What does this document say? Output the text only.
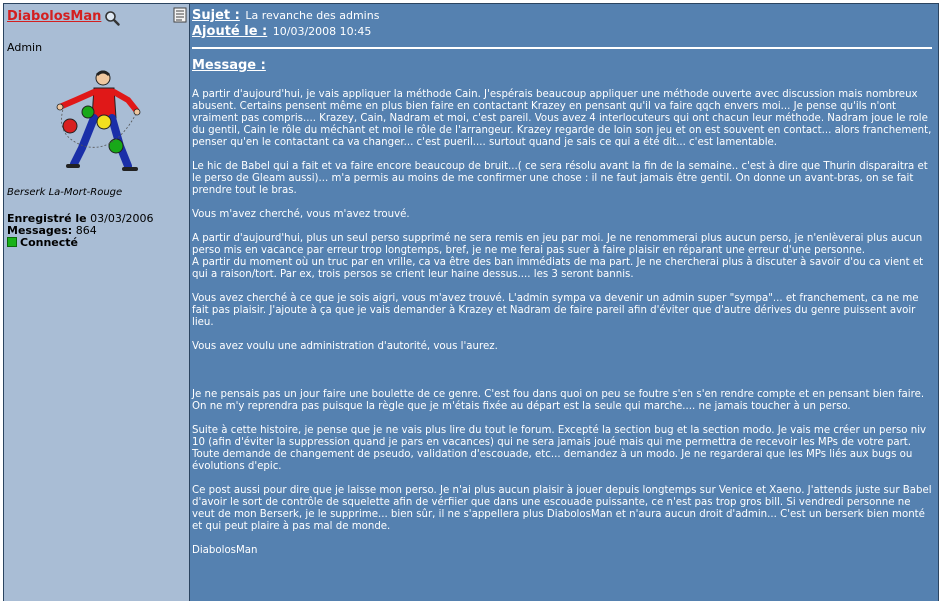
DiabolosMan
Admin
Berserk La-Mort-Rouge
Enregistré le 03/03/2006
Messages: 864
Connecté
Sujet : La revanche des admins
Ajouté le : 10/03/2008 10:45
Message :

A partir d'aujourd'hui, je vais appliquer la méthode Cain. J'espérais beaucoup appliquer une méthode ouverte avec discussion mais nombreux abusent. Certains pensent même en plus bien faire en contactant Krazey en pensant qu'il va faire qqch envers moi... Je pense qu'ils n'ont vraiment pas compris.... Krazey, Cain, Nadram et moi, c'est pareil. Vous avez 4 interlocuteurs qui ont chacun leur méthode. Nadram joue le role du gentil, Cain le rôle du méchant et moi le rôle de l'arrangeur. Krazey regarde de loin son jeu et on est souvent en contact... alors franchement, penser qu'en le contactant ca va changer... c'est pueril.... surtout quand je sais ce qui a été dit... c'est lamentable.

Le hic de Babel qui a fait et va faire encore beaucoup de bruit...( ce sera résolu avant la fin de la semaine.. c'est à dire que Thurin disparaitra et le perso de Gleam aussi)... m'a permis au moins de me confirmer une chose : il ne faut jamais être gentil. On donne un avant-bras, on se fait prendre tout le bras.

Vous m'avez cherché, vous m'avez trouvé.

A partir d'aujourd'hui, plus un seul perso supprimé ne sera remis en jeu par moi. Je ne renommerai plus aucun perso, je n'enlèverai plus aucun perso mis en vacance par erreur trop longtemps, bref, je ne me ferai pas suer à faire plaisir en réparant une erreur d'une personne.
A partir du moment où un truc par en vrille, ca va être des ban immédiats de ma part. Je ne chercherai plus à discuter à savoir d'ou ca vient et qui a raison/tort. Par ex, trois persos se crient leur haine dessus.... les 3 seront bannis.

Vous avez cherché à ce que je sois aigri, vous m'avez trouvé. L'admin sympa va devenir un admin super "sympa"... et franchement, ca ne me fait pas plaisir. J'ajoute à ça que je vais demander à Krazey et Nadram de faire pareil afin d'éviter que d'autre dérives du genre puissent avoir lieu.

Vous avez voulu une administration d'autorité, vous l'aurez.

Je ne pensais pas un jour faire une boulette de ce genre. C'est fou dans quoi on peu se foutre s'en s'en rendre compte et en pensant bien faire. On ne m'y reprendra pas puisque la règle que je m'étais fixée au départ est la seule qui marche.... ne jamais toucher à un perso.

Suite à cette histoire, je pense que je ne vais plus lire du tout le forum. Excepté la section bug et la section modo. Je vais me créer un perso niv 10 (afin d'éviter la suppression quand je pars en vacances) qui ne sera jamais joué mais qui me permettra de recevoir les MPs de votre part. Toute demande de changement de pseudo, validation d'escouade, etc... demandez à un modo. Je ne regarderai que les MPs liés aux bugs ou évolutions d'epic.

Ce post aussi pour dire que je laisse mon perso. Je n'ai plus aucun plaisir à jouer depuis longtemps sur Venice et Xaeno. J'attends juste sur Babel d'avoir le sort de contrôle de squelette afin de vérfiier que dans une escouade puissante, ce n'est pas trop gros bill. Si vendredi personne ne veut de mon Berserk, je le supprime... bien sûr, il ne s'appellera plus DiabolosMan et n'aura aucun droit d'admin... C'est un berserk bien monté et qui peut plaire à pas mal de monde.

DiabolosMan
